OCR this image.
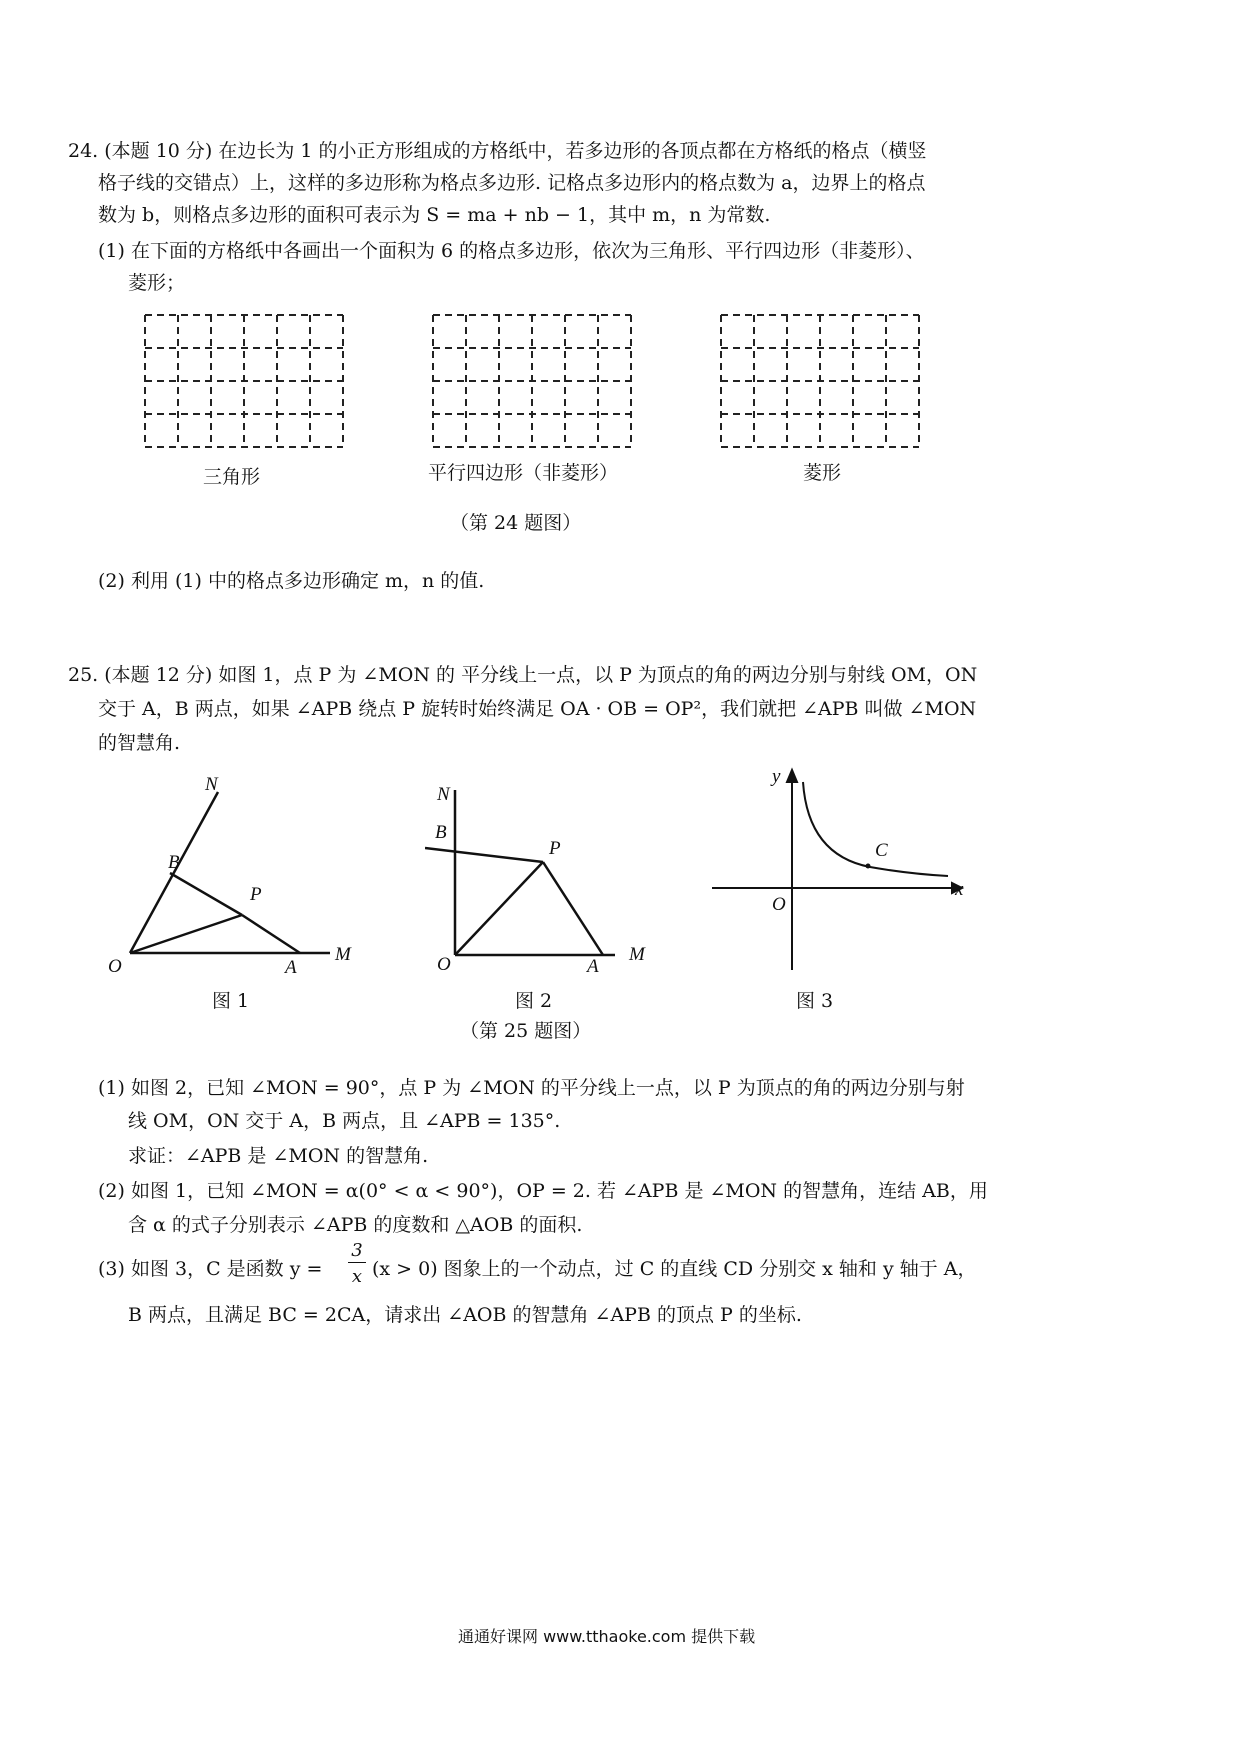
24. (本题 10 分) 在边长为 1 的小正方形组成的方格纸中，若多边形的各顶点都在方格纸的格点（横竖
格子线的交错点）上，这样的多边形称为格点多边形. 记格点多边形内的格点数为 a，边界上的格点
数为 b，则格点多边形的面积可表示为 S = ma + nb − 1，其中 m，n 为常数.
(1) 在下面的方格纸中各画出一个面积为 6 的格点多边形，依次为三角形、平行四边形（非菱形）、
菱形；
三角形	平行四边形（非菱形）	菱形
（第 24 题图）
(2) 利用 (1) 中的格点多边形确定 m，n 的值.
25. (本题 12 分) 如图 1，点 P 为 ∠MON 的 平分线上一点，以 P 为顶点的角的两边分别与射线 OM，ON
交于 A，B 两点，如果 ∠APB 绕点 P 旋转时始终满足 OA · OB = OP²，我们就把 ∠APB 叫做 ∠MON
的智慧角.
N
B
P
O	A
M
图 1
N
B
P
O	A
M
图 2
y
C
O
x
图 3
（第 25 题图）
(1) 如图 2，已知 ∠MON = 90°，点 P 为 ∠MON 的平分线上一点，以 P 为顶点的角的两边分别与射
线 OM，ON 交于 A，B 两点，且 ∠APB = 135°.
求证：∠APB 是 ∠MON 的智慧角.
(2) 如图 1，已知 ∠MON = α(0° < α < 90°)，OP = 2. 若 ∠APB 是 ∠MON 的智慧角，连结 AB，用
含 α 的式子分别表示 ∠APB 的度数和 △AOB 的面积.
(3) 如图 3，C 是函数 y =
3
x (x > 0) 图象上的一个动点，过 C 的直线 CD 分别交 x 轴和 y 轴于 A，
B 两点，且满足 BC = 2CA，请求出 ∠AOB 的智慧角 ∠APB 的顶点 P 的坐标.
通通好课网 www.tthaoke.com 提供下载
